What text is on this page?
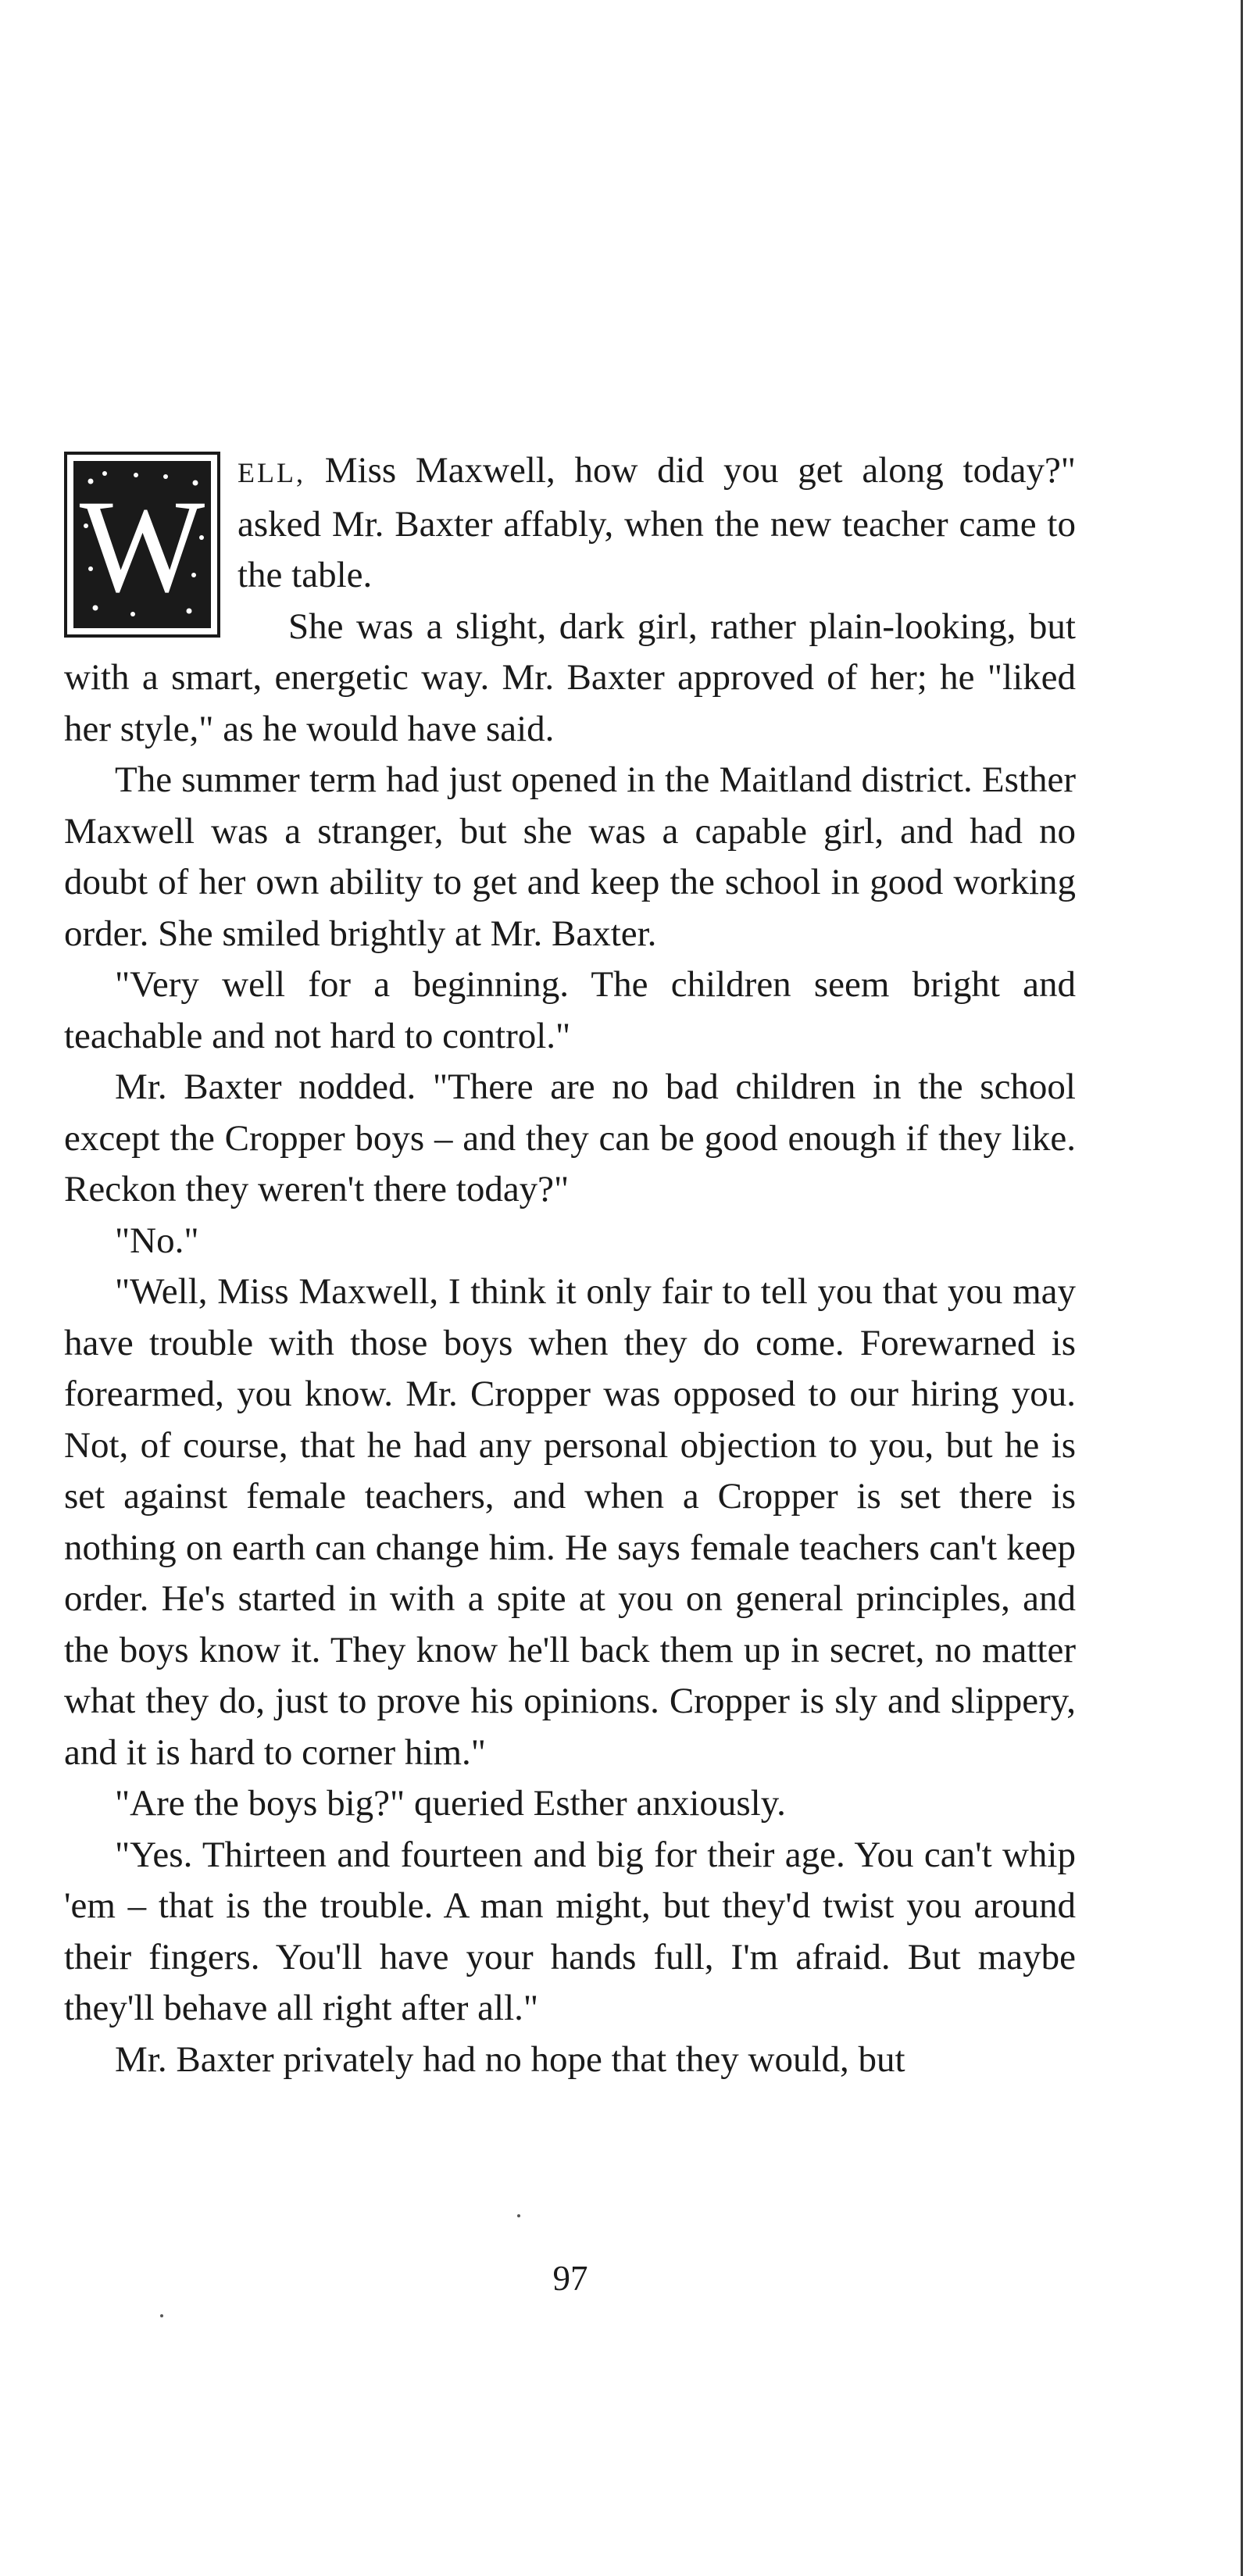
W ELL, Miss Maxwell, how did you get along today?" asked Mr. Baxter affably, when the new teacher came to the table.

She was a slight, dark girl, rather plain-looking, but with a smart, energetic way. Mr. Baxter approved of her; he "liked her style," as he would have said.

The summer term had just opened in the Maitland district. Esther Maxwell was a stranger, but she was a capable girl, and had no doubt of her own ability to get and keep the school in good working order. She smiled brightly at Mr. Baxter.

"Very well for a beginning. The children seem bright and teachable and not hard to control."

Mr. Baxter nodded. "There are no bad children in the school except the Cropper boys – and they can be good enough if they like. Reckon they weren't there today?"

"No."

"Well, Miss Maxwell, I think it only fair to tell you that you may have trouble with those boys when they do come. Forewarned is forearmed, you know. Mr. Cropper was opposed to our hiring you. Not, of course, that he had any personal objection to you, but he is set against female teachers, and when a Cropper is set there is nothing on earth can change him. He says female teachers can't keep order. He's started in with a spite at you on general principles, and the boys know it. They know he'll back them up in secret, no matter what they do, just to prove his opinions. Cropper is sly and slippery, and it is hard to corner him."

"Are the boys big?" queried Esther anxiously.

"Yes. Thirteen and fourteen and big for their age. You can't whip 'em – that is the trouble. A man might, but they'd twist you around their fingers. You'll have your hands full, I'm afraid. But maybe they'll behave all right after all."

Mr. Baxter privately had no hope that they would, but

97
